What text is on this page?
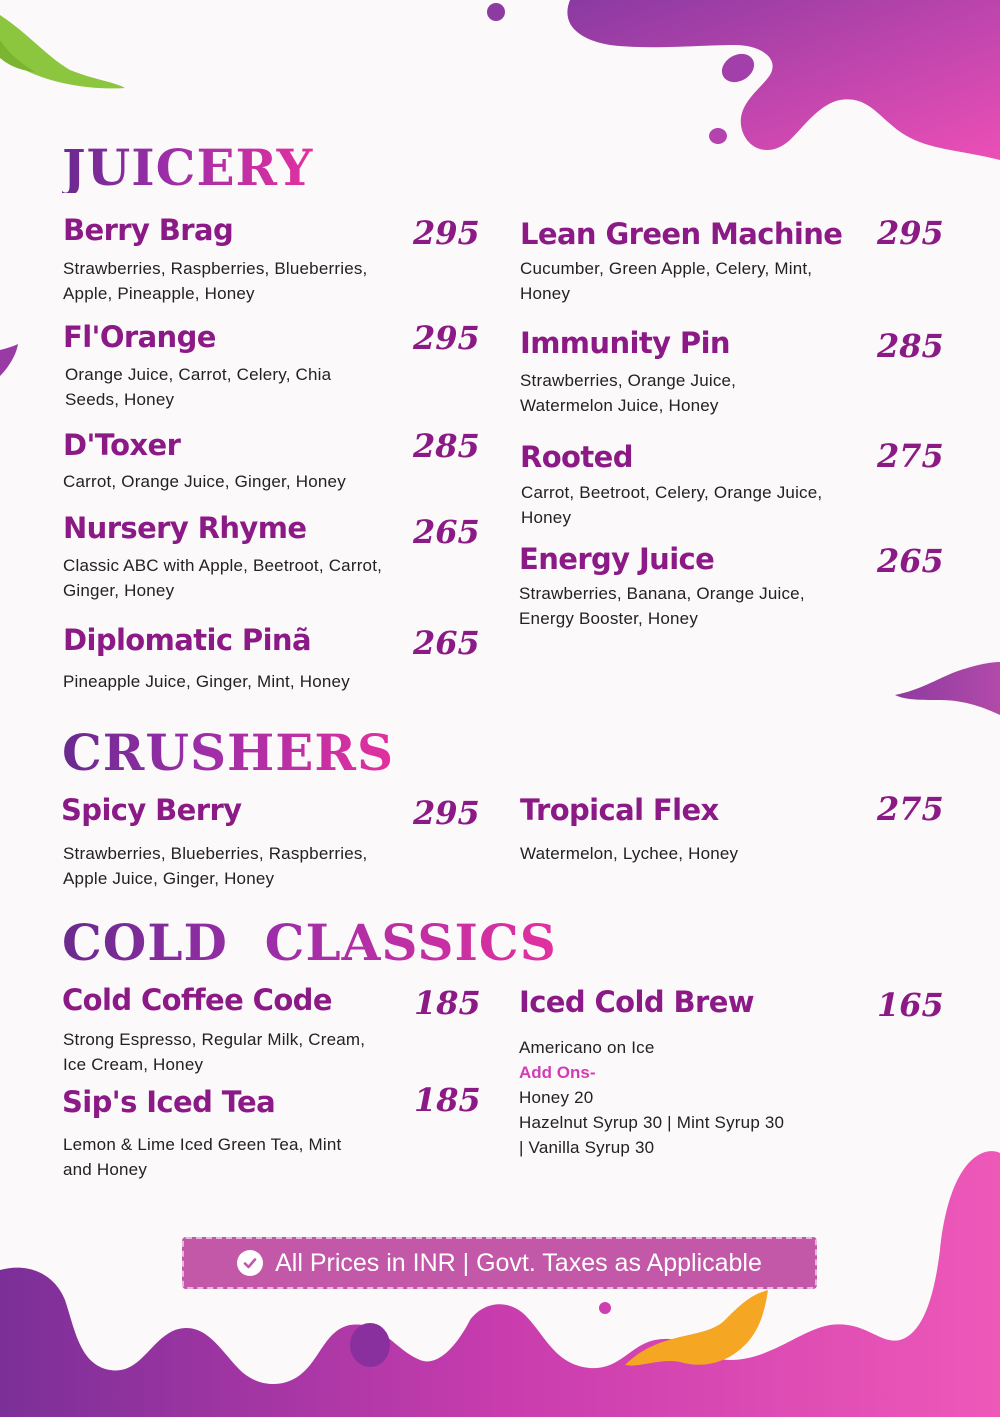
JUICERY
Berry Brag	295
Strawberries, Raspberries, Blueberries, Apple, Pineapple, Honey
Fl'Orange	295
Orange Juice, Carrot, Celery, Chia Seeds, Honey
D'Toxer	285
Carrot, Orange Juice, Ginger, Honey
Nursery Rhyme	265
Classic ABC with Apple, Beetroot, Carrot, Ginger, Honey
Diplomatic Pinã	265
Pineapple Juice, Ginger, Mint, Honey
Lean Green Machine 295
Cucumber, Green Apple, Celery, Mint, Honey
Immunity Pin	285
Strawberries, Orange Juice, Watermelon Juice, Honey
Rooted	275
Carrot, Beetroot, Celery, Orange Juice, Honey
Energy Juice	265
Strawberries, Banana, Orange Juice, Energy Booster, Honey
CRUSHERS
Spicy Berry	295
Strawberries, Blueberries, Raspberries, Apple Juice, Ginger, Honey
Tropical Flex	275
Watermelon, Lychee, Honey
COLD  CLASSICS
Cold Coffee Code	185
Strong Espresso, Regular Milk, Cream, Ice Cream, Honey
Sip's Iced Tea	185
Lemon & Lime Iced Green Tea, Mint and Honey
Iced Cold Brew	165
Americano on Ice
Add Ons-
Honey 20
Hazelnut Syrup 30 | Mint Syrup 30
| Vanilla Syrup 30
All Prices in INR | Govt. Taxes as Applicable
